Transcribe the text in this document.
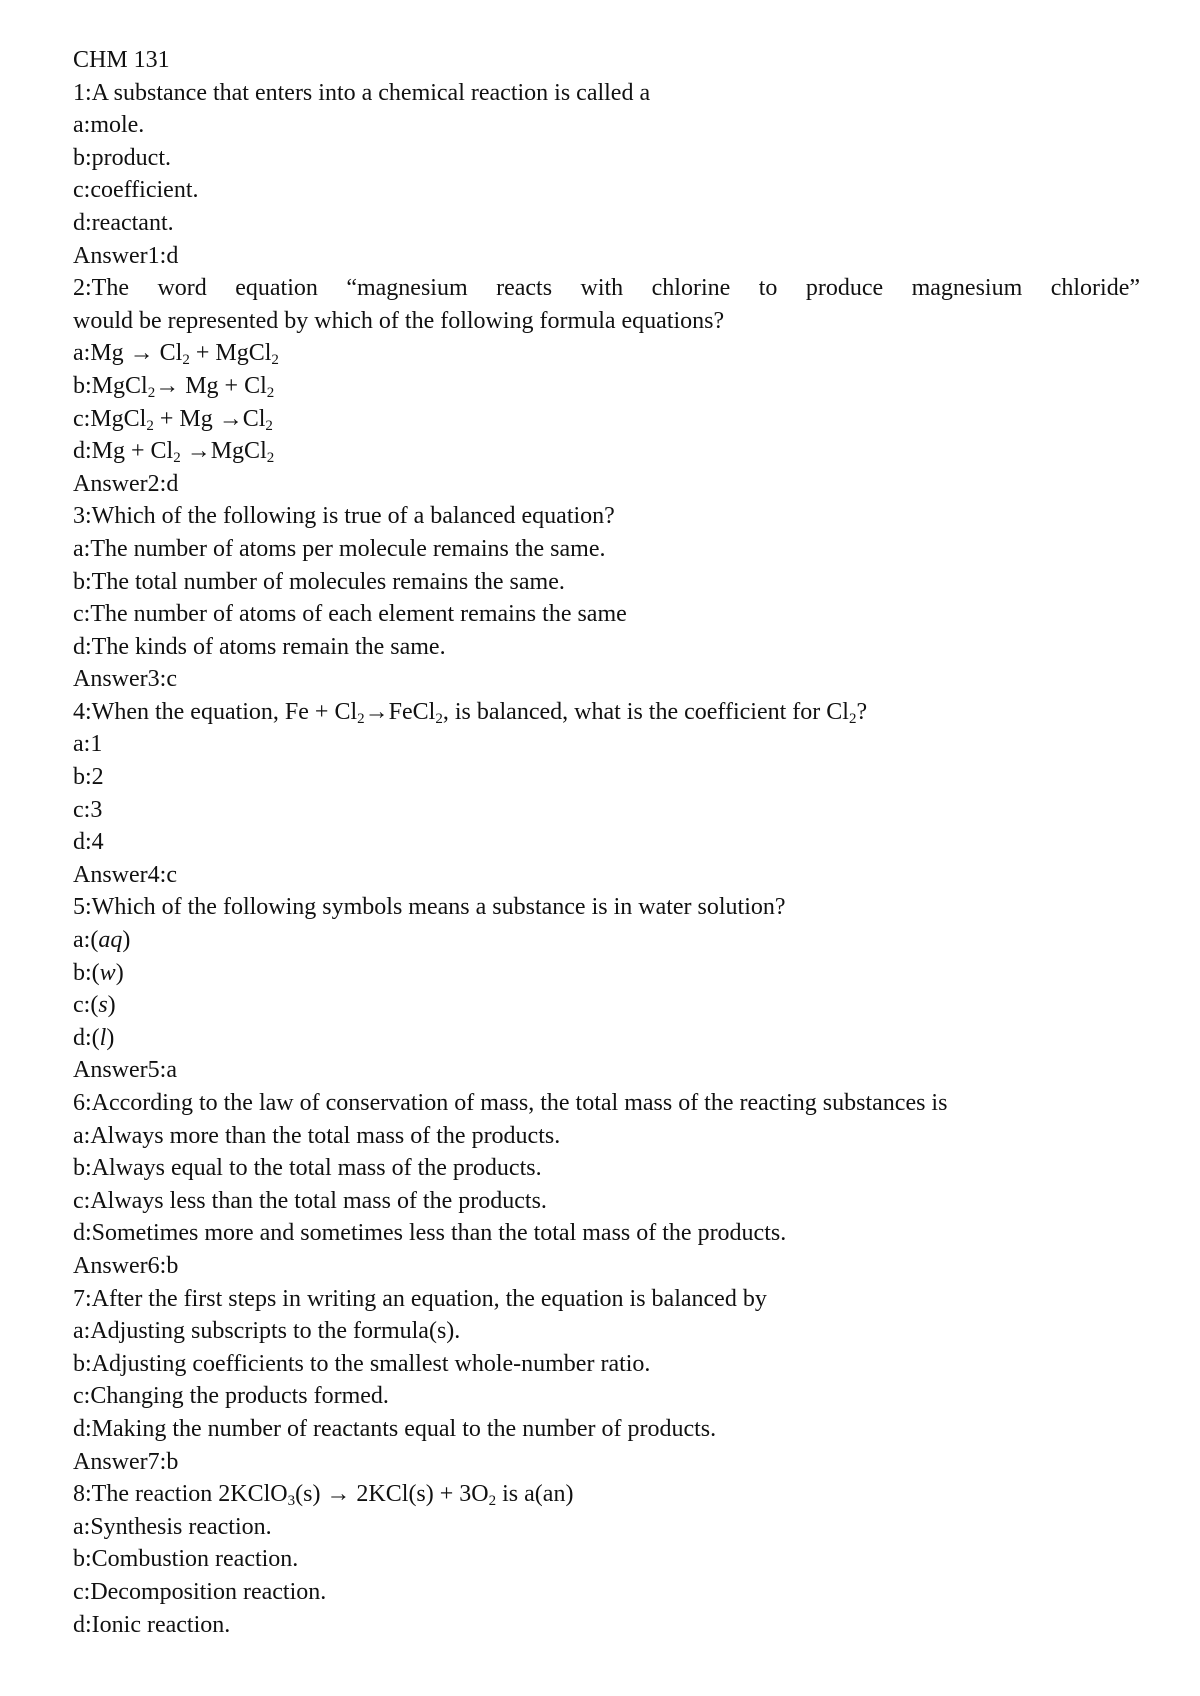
CHM 131
1:A substance that enters into a chemical reaction is called a
a:mole.
b:product.
c:coefficient.
d:reactant.
Answer1:d
2:The word equation “magnesium reacts with chlorine to produce magnesium chloride”
would be represented by which of the following formula equations?
a:Mg → $Cl_2$ + MgCl$_2$
b:MgCl$_2$→ $Mg + Cl_2$
c:MgCl$_2$ + $Mg \to Cl_2$
d:Mg + $Cl_2$ →MgCl$_2$
Answer2:d
3:Which of the following is true of a balanced equation?
a:The number of atoms per molecule remains the same.
b:The total number of molecules remains the same.
c:The number of atoms of each element remains the same
d:The kinds of atoms remain the same.
Answer3:c
4:When the equation, $Fe + Cl_2\to FeCl_2$, is balanced, what is the coefficient for $Cl_2$?
a:1
b:2
c:3
d:4
Answer4:c
5:Which of the following symbols means a substance is in water solution?
a:(aq)
b:(w)
c:(s)
d:(l)
Answer5:a
6:According to the law of conservation of mass, the total mass of the reacting substances is
a:Always more than the total mass of the products.
b:Always equal to the total mass of the products.
c:Always less than the total mass of the products.
d:Sometimes more and sometimes less than the total mass of the products.
Answer6:b
7:After the first steps in writing an equation, the equation is balanced by
a:Adjusting subscripts to the formula(s).
b:Adjusting coefficients to the smallest whole-number ratio.
c:Changing the products formed.
d:Making the number of reactants equal to the number of products.
Answer7:b
8:The reaction 2KClO$_3$(s) → $2KCl(s) + 3O_2$ is a(an)
a:Synthesis reaction.
b:Combustion reaction.
c:Decomposition reaction.
d:Ionic reaction.
